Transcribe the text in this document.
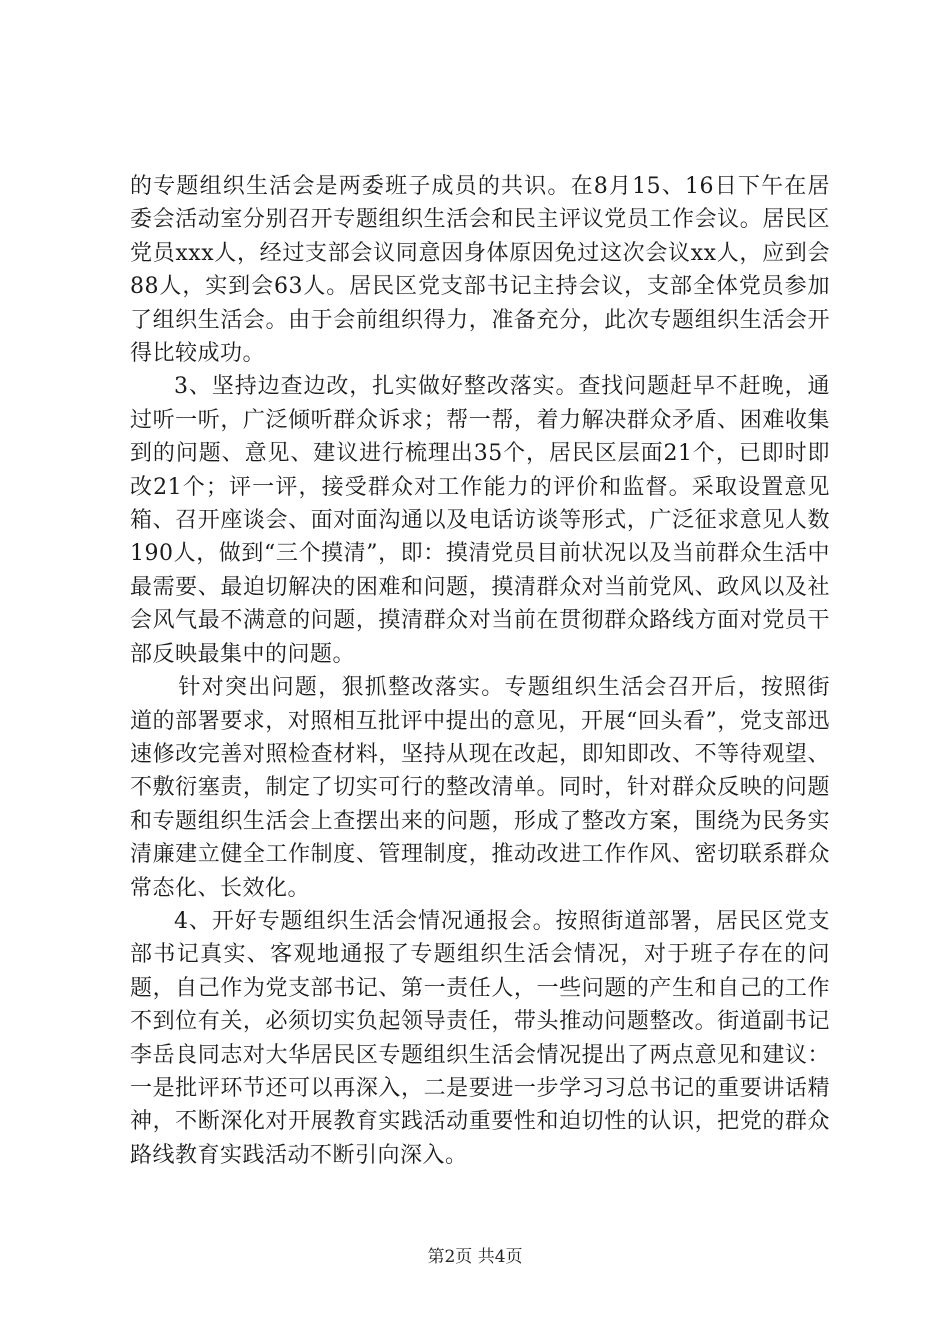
的专题组织生活会是两委班子成员的共识。在8月15、16日下午在居委会活动室分别召开专题组织生活会和民主评议党员工作会议。居民区党员xxx人，经过支部会议同意因身体原因免过这次会议xx人，应到会88人，实到会63人。居民区党支部书记主持会议，支部全体党员参加了组织生活会。由于会前组织得力，准备充分，此次专题组织生活会开得比较成功。

3、坚持边查边改，扎实做好整改落实。查找问题赶早不赶晚，通过听一听，广泛倾听群众诉求；帮一帮，着力解决群众矛盾、困难收集到的问题、意见、建议进行梳理出35个，居民区层面21个，已即时即改21个；评一评，接受群众对工作能力的评价和监督。采取设置意见箱、召开座谈会、面对面沟通以及电话访谈等形式，广泛征求意见人数190人，做到“三个摸清”，即：摸清党员目前状况以及当前群众生活中最需要、最迫切解决的困难和问题，摸清群众对当前党风、政风以及社会风气最不满意的问题，摸清群众对当前在贯彻群众路线方面对党员干部反映最集中的问题。

针对突出问题，狠抓整改落实。专题组织生活会召开后，按照街道的部署要求，对照相互批评中提出的意见，开展“回头看”，党支部迅速修改完善对照检查材料，坚持从现在改起，即知即改、不等待观望、不敷衍塞责，制定了切实可行的整改清单。同时，针对群众反映的问题和专题组织生活会上查摆出来的问题，形成了整改方案，围绕为民务实清廉建立健全工作制度、管理制度，推动改进工作作风、密切联系群众常态化、长效化。

4、开好专题组织生活会情况通报会。按照街道部署，居民区党支部书记真实、客观地通报了专题组织生活会情况，对于班子存在的问题，自己作为党支部书记、第一责任人，一些问题的产生和自己的工作不到位有关，必须切实负起领导责任，带头推动问题整改。街道副书记李岳良同志对大华居民区专题组织生活会情况提出了两点意见和建议：一是批评环节还可以再深入，二是要进一步学习习总书记的重要讲话精神，不断深化对开展教育实践活动重要性和迫切性的认识，把党的群众路线教育实践活动不断引向深入。

第2页 共4页
